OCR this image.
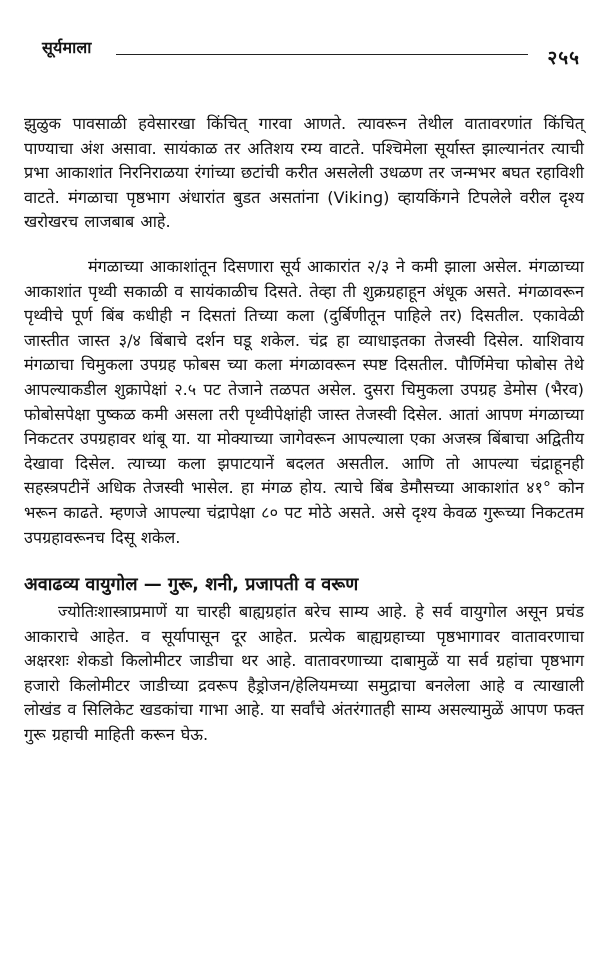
सूर्यमाला	२५५

झुळुक पावसाळी हवेसारखा किंचित् गारवा आणते. त्यावरून तेथील वातावरणांत किंचित् पाण्याचा अंश असावा. सायंकाळ तर अतिशय रम्य वाटते. पश्चिमेला सूर्यास्त झाल्यानंतर त्याची प्रभा आकाशांत निरनिराळया रंगांच्या छटांची करीत असलेली उधळण तर जन्मभर बघत रहाविशी वाटते. मंगळाचा पृष्ठभाग अंधारांत बुडत असतांना (Viking) व्हायकिंगने टिपलेले वरील दृश्य खरोखरच लाजबाब आहे.

मंगळाच्या आकाशांतून दिसणारा सूर्य आकारांत २/३ ने कमी झाला असेल. मंगळाच्या आकाशांत पृथ्वी सकाळी व सायंकाळीच दिसते. तेव्हा ती शुक्रग्रहाहून अंधूक असते. मंगळावरून पृथ्वीचे पूर्ण बिंब कधीही न दिसतां तिच्या कला (दुर्बिणीतून पाहिले तर) दिसतील. एकावेळी जास्तीत जास्त ३/४ बिंबाचे दर्शन घडू शकेल. चंद्र हा व्याधाइतका तेजस्वी दिसेल. याशिवाय मंगळाचा चिमुकला उपग्रह फोबस च्या कला मंगळावरून स्पष्ट दिसतील. पौर्णिमेचा फोबोस तेथे आपल्याकडील शुक्रापेक्षां २.५ पट तेजाने तळपत असेल. दुसरा चिमुकला उपग्रह डेमोस (भैरव) फोबोसपेक्षा पुष्कळ कमी असला तरी पृथ्वीपेक्षांही जास्त तेजस्वी दिसेल. आतां आपण मंगळाच्या निकटतर उपग्रहावर थांबू या. या मोक्याच्या जागेवरून आपल्याला एका अजस्त्र बिंबाचा अद्वितीय देखावा दिसेल. त्याच्या कला झपाटयानें बदलत असतील. आणि तो आपल्या चंद्राहूनही सहस्त्रपटीनें अधिक तेजस्वी भासेल. हा मंगळ होय. त्याचे बिंब डेमौसच्या आकाशांत ४१° कोन भरून काढते. म्हणजे आपल्या चंद्रापेक्षा ८० पट मोठे असते. असे दृश्य केवळ गुरूच्या निकटतम उपग्रहावरूनच दिसू शकेल.

अवाढव्य वायुगोल — गुरू, शनी, प्रजापती व वरूण

ज्योतिःशास्त्राप्रमाणें या चारही बाह्यग्रहांत बरेच साम्य आहे. हे सर्व वायुगोल असून प्रचंड आकाराचे आहेत. व सूर्यापासून दूर आहेत. प्रत्येक बाह्यग्रहाच्या पृष्ठभागावर वातावरणाचा अक्षरशः शेकडो किलोमीटर जाडीचा थर आहे. वातावरणाच्या दाबामुळें या सर्व ग्रहांचा पृष्ठभाग हजारो किलोमीटर जाडीच्या द्रवरूप हैड्रोजन/हेलियमच्या समुद्राचा बनलेला आहे व त्याखाली लोखंड व सिलिकेट खडकांचा गाभा आहे. या सर्वांचे अंतरंगातही साम्य असल्यामुळें आपण फक्त गुरू ग्रहाची माहिती करून घेऊ.
